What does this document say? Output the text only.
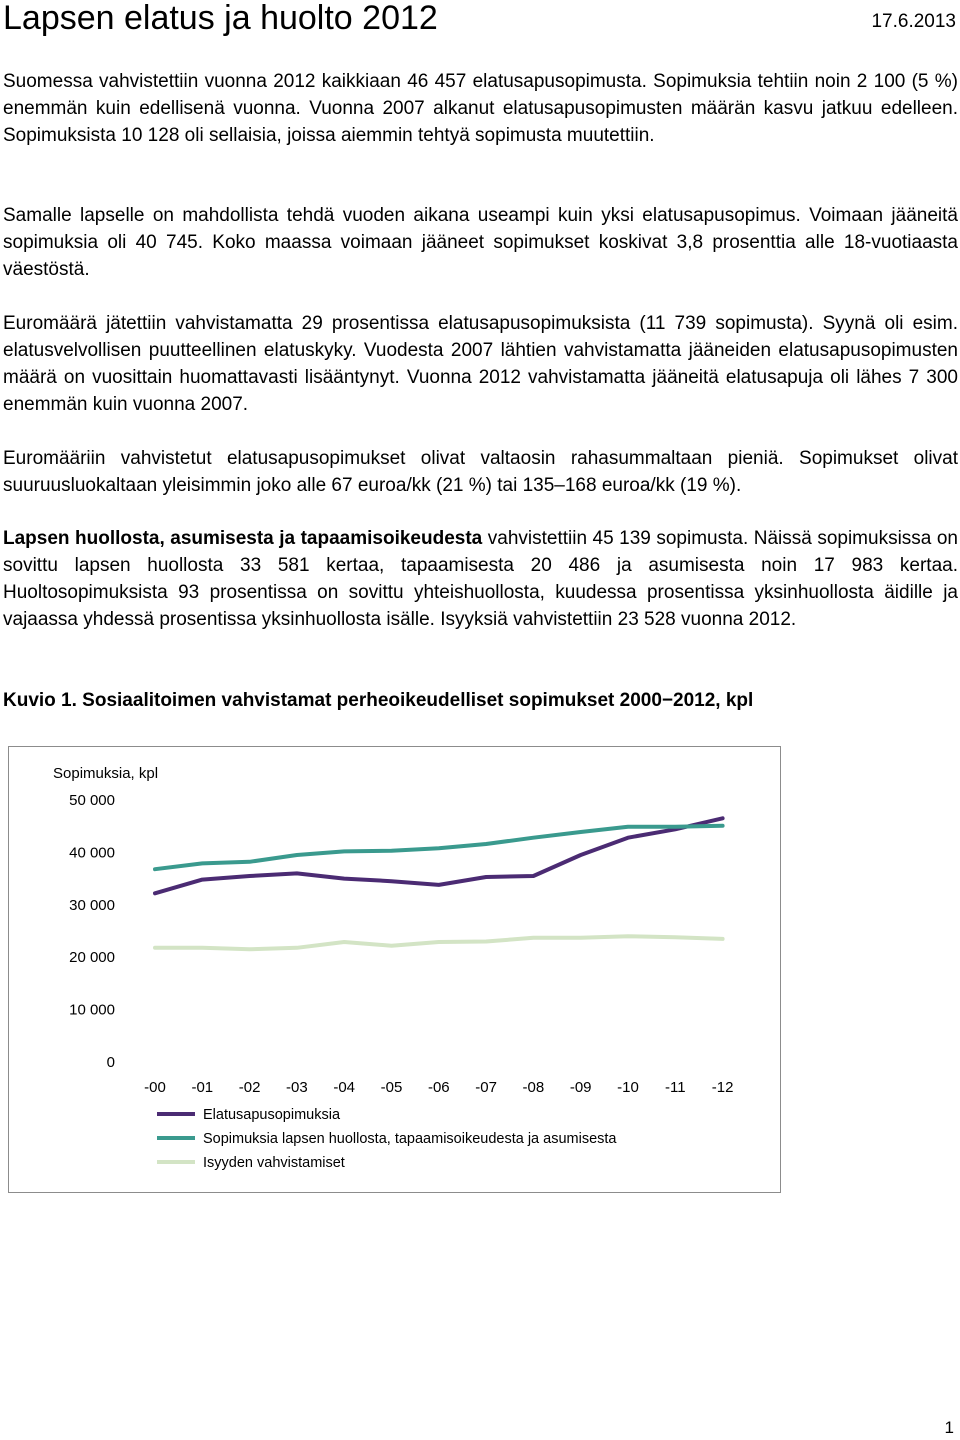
Lapsen elatus ja huolto 2012	17.6.2013

Suomessa vahvistettiin vuonna 2012 kaikkiaan 46 457 elatusapusopimusta. Sopimuksia tehtiin noin 2 100 (5 %) enemmän kuin edellisenä vuonna. Vuonna 2007 alkanut elatusapusopimusten määrän kasvu jatkuu edelleen. Sopimuksista 10 128 oli sellaisia, joissa aiemmin tehtyä sopimusta muutettiin.

Samalle lapselle on mahdollista tehdä vuoden aikana useampi kuin yksi elatusapusopimus. Voimaan jääneitä sopimuksia oli 40 745. Koko maassa voimaan jääneet sopimukset koskivat 3,8 prosenttia alle 18-vuotiaasta väestöstä.

Euromäärä jätettiin vahvistamatta 29 prosentissa elatusapusopimuksista (11 739 sopimusta). Syynä oli esim. elatusvelvollisen puutteellinen elatuskyky. Vuodesta 2007 lähtien vahvistamatta jääneiden elatusapusopimusten määrä on vuosittain huomattavasti lisääntynyt. Vuonna 2012 vahvistamatta jääneitä elatusapuja oli lähes 7 300 enemmän kuin vuonna 2007.

Euromääriin vahvistetut elatusapusopimukset olivat valtaosin rahasummaltaan pieniä. Sopimukset olivat suuruusluokaltaan yleisimmin joko alle 67 euroa/kk (21 %) tai 135–168 euroa/kk (19 %).

Lapsen huollosta, asumisesta ja tapaamisoikeudesta vahvistettiin 45 139 sopimusta. Näissä sopimuksissa on sovittu lapsen huollosta 33 581 kertaa, tapaamisesta 20 486 ja asumisesta noin 17 983 kertaa. Huoltosopimuksista 93 prosentissa on sovittu yhteishuollosta, kuudessa prosentissa yksinhuollosta äidille ja vajaassa yhdessä prosentissa yksinhuollosta isälle. Isyyksiä vahvistettiin 23 528 vuonna 2012.

Kuvio 1. Sosiaalitoimen vahvistamat perheoikeudelliset sopimukset 2000−2012, kpl

Sopimuksia, kpl
0
10 000
20 000
30 000
40 000
50 000
-00 -01 -02 -03 -04 -05 -06 -07 -08 -09 -10 -11 -12
Elatusapusopimuksia
Sopimuksia lapsen huollosta, tapaamisoikeudesta ja asumisesta
Isyyden vahvistamiset
1
